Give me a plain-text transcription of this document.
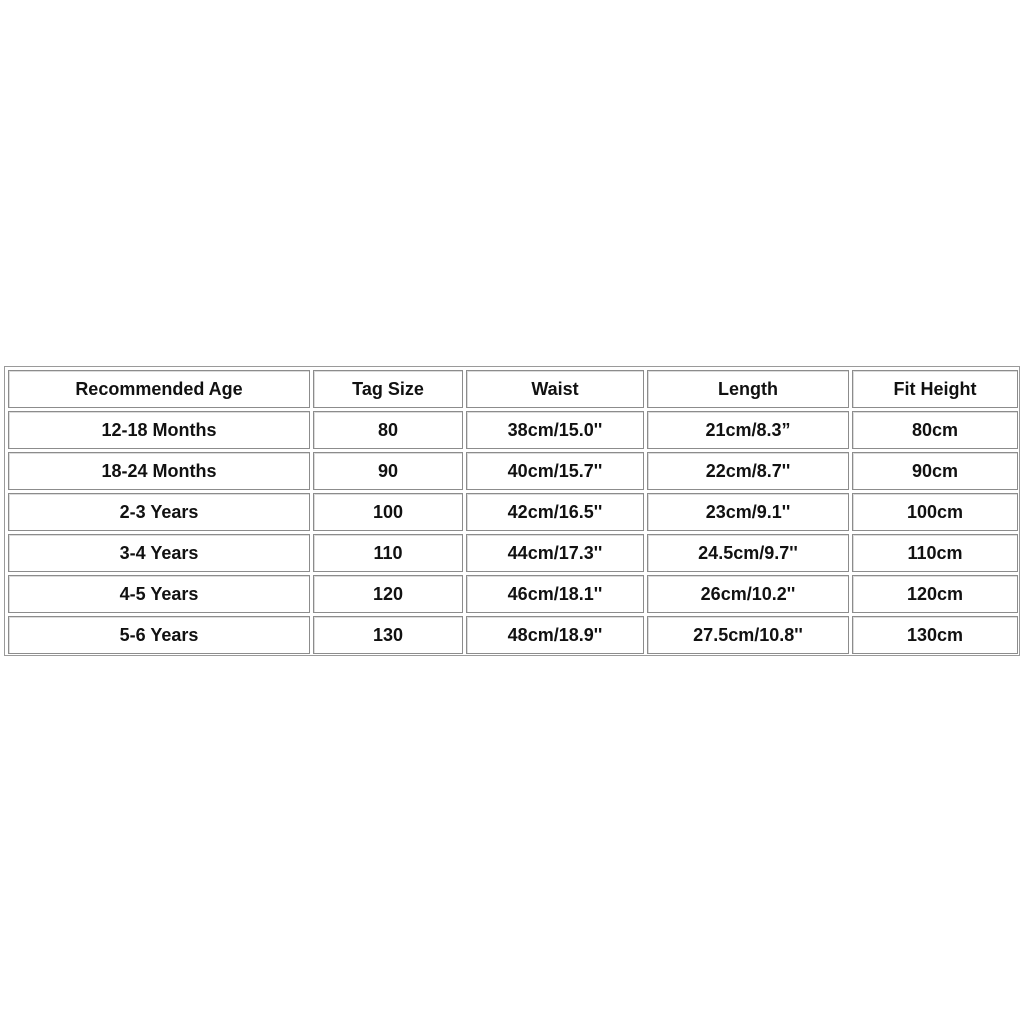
Recommended Age	Tag Size	Waist	Length	Fit Height
12-18 Months	80	38cm/15.0''	21cm/8.3”	80cm
18-24 Months	90	40cm/15.7''	22cm/8.7''	90cm
2-3 Years	100	42cm/16.5''	23cm/9.1''	100cm
3-4 Years	110	44cm/17.3''	24.5cm/9.7''	110cm
4-5 Years	120	46cm/18.1''	26cm/10.2''	120cm
5-6 Years	130	48cm/18.9''	27.5cm/10.8''	130cm
